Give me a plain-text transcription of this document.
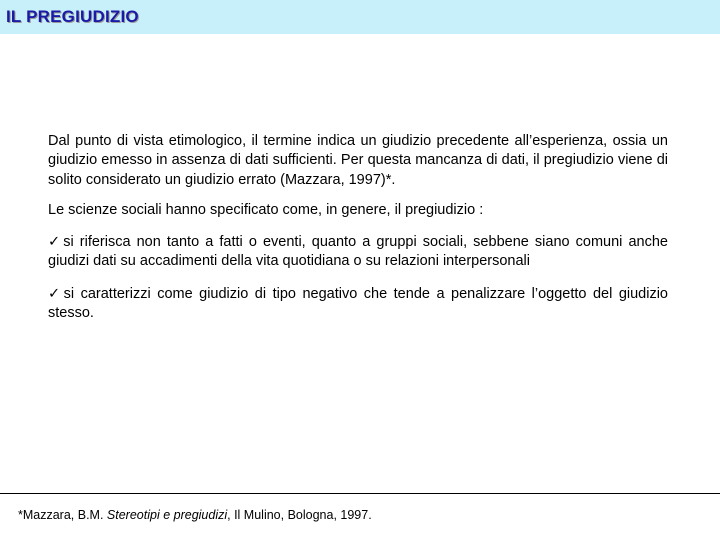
IL PREGIUDIZIO

Dal punto di vista etimologico, il termine indica un giudizio precedente all’esperienza, ossia un giudizio emesso in assenza di dati sufficienti. Per questa mancanza di dati, il pregiudizio viene di solito considerato un giudizio errato (Mazzara, 1997)*.

Le scienze sociali hanno specificato come, in genere, il pregiudizio :

✓si riferisca non tanto a fatti o eventi, quanto a gruppi sociali, sebbene siano comuni anche giudizi dati su accadimenti della vita quotidiana o su relazioni interpersonali
✓si caratterizzi come giudizio di tipo negativo che tende a penalizzare l’oggetto del giudizio stesso.
*Mazzara, B.M. Stereotipi e pregiudizi, Il Mulino, Bologna, 1997.
